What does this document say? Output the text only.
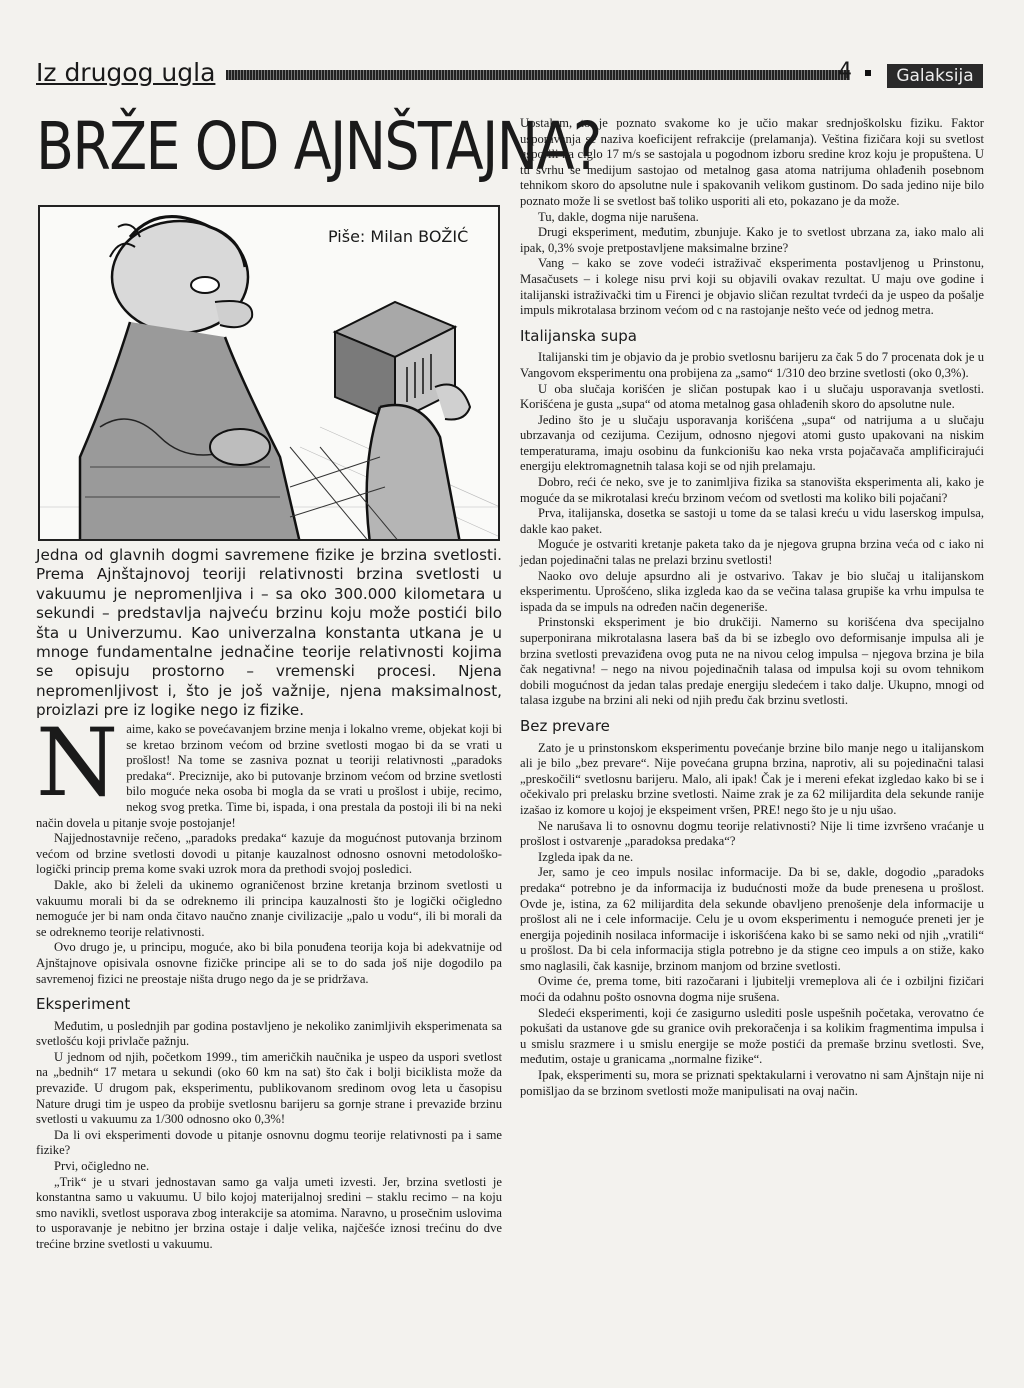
Iz drugog ugla	4	Galaksija
BRŽE OD AJNŠTAJNA?
Piše: Milan BOŽIĆ
Jedna od glavnih dogmi savremene fizike je brzina svetlosti. Prema Ajnštajnovoj teoriji relativnosti brzina svetlosti u vakuumu je nepromenljiva i – sa oko 300.000 kilometara u sekundi – predstavlja najveću brzinu koju može postići bilo šta u Univerzumu. Kao univerzalna konstanta utkana je u mnoge fundamentalne jednačine teorije relativnosti kojima se opisuju prostorno – vremenski procesi. Njena nepromenljivost i, što je još važnije, njena maksimalnost, proizlazi pre iz logike nego iz fizike.
N aime, kako se povećavanjem brzine menja i lokalno vreme, objekat koji bi se kretao brzinom većom od brzine svetlosti mogao bi da se vrati u prošlost! Na tome se zasniva poznat u teoriji relativnosti „paradoks predaka“. Preciznije, ako bi putovanje brzinom većom od brzine svetlosti bilo moguće neka osoba bi mogla da se vrati u prošlost i ubije, recimo, nekog svog pretka. Time bi, ispada, i ona prestala da postoji ili bi na neki način dovela u pitanje svoje postojanje!

Najjednostavnije rečeno, „paradoks predaka“ kazuje da mogućnost putovanja brzinom većom od brzine svetlosti dovodi u pitanje kauzalnost odnosno osnovni metodološko-logički princip prema kome svaki uzrok mora da prethodi svojoj posledici.

Dakle, ako bi želeli da ukinemo ograničenost brzine kretanja brzinom svetlosti u vakuumu morali bi da se odreknemo ili principa kauzalnosti što je logički očigledno nemoguće jer bi nam onda čitavo naučno znanje civilizacije „palo u vodu“, ili bi morali da se odreknemo teorije relativnosti.

Ovo drugo je, u principu, moguće, ako bi bila ponuđena teorija koja bi adekvatnije od Ajnštajnove opisivala osnovne fizičke principe ali se to do sada još nije dogodilo pa savremenoj fizici ne preostaje ništa drugo nego da je se pridržava.

Eksperiment

Međutim, u poslednjih par godina postavljeno je nekoliko zanimljivih eksperimenata sa svetlošću koji privlače pažnju.

U jednom od njih, početkom 1999., tim američkih naučnika je uspeo da uspori svetlost na „bednih“ 17 metara u sekundi (oko 60 km na sat) što čak i bolji biciklista može da prevaziđe. U drugom pak, eksperimentu, publikovanom sredinom ovog leta u časopisu Nature drugi tim je uspeo da probije svetlosnu barijeru sa gornje strane i prevaziđe brzinu svetlosti u vakuumu za 1/300 odnosno oko 0,3%!

Da li ovi eksperimenti dovode u pitanje osnovnu dogmu teorije relativnosti pa i same fizike?

Prvi, očigledno ne.

„Trik“ je u stvari jednostavan samo ga valja umeti izvesti. Jer, brzina svetlosti je konstantna samo u vakuumu. U bilo kojoj materijalnoj sredini – staklu recimo – na koju smo navikli, svetlost usporava zbog interakcije sa atomima. Naravno, u prosečnim uslovima to usporavanje je nebitno jer brzina ostaje i dalje velika, najčešće iznosi trećinu do dve trećine brzine svetlosti u vakuumu.

Uostalom, to je poznato svakome ko je učio makar srednjoškolsku fiziku. Faktor usporavanja se naziva koeficijent refrakcije (prelamanja). Veština fizičara koji su svetlost usporili na ciglo 17 m/s se sastojala u pogodnom izboru sredine kroz koju je propuštena. U tu svrhu se medijum sastojao od metalnog gasa atoma natrijuma ohlađenih posebnom tehnikom skoro do apsolutne nule i spakovanih velikom gustinom. Do sada jedino nije bilo poznato može li se svetlost baš toliko usporiti ali eto, pokazano je da može.

Tu, dakle, dogma nije narušena.

Drugi eksperiment, međutim, zbunjuje. Kako je to svetlost ubrzana za, iako malo ali ipak, 0,3% svoje pretpostavljene maksimalne brzine?

Vang – kako se zove vodeći istraživač eksperimenta postavljenog u Prinstonu, Masačusets – i kolege nisu prvi koji su objavili ovakav rezultat. U maju ove godine i italijanski istraživački tim u Firenci je objavio sličan rezultat tvrdeći da je uspeo da pošalje impuls mikrotalasa brzinom većom od c na rastojanje nešto veće od jednog metra.

Italijanska supa

Italijanski tim je objavio da je probio svetlosnu barijeru za čak 5 do 7 procenata dok je u Vangovom eksperimentu ona probijena za „samo“ 1/310 deo brzine svetlosti (oko 0,3%).

U oba slučaja korišćen je sličan postupak kao i u slučaju usporavanja svetlosti. Korišćena je gusta „supa“ od atoma metalnog gasa ohlađenih skoro do apsolutne nule.

Jedino što je u slučaju usporavanja korišćena „supa“ od natrijuma a u slučaju ubrzavanja od cezijuma. Cezijum, odnosno njegovi atomi gusto upakovani na niskim temperaturama, imaju osobinu da funkcionišu kao neka vrsta pojačavača amplificirajući energiju elektromagnetnih talasa koji se od njih prelamaju.

Dobro, reći će neko, sve je to zanimljiva fizika sa stanovišta eksperimenta ali, kako je moguće da se mikrotalasi kreću brzinom većom od svetlosti ma koliko bili pojačani?

Prva, italijanska, dosetka se sastoji u tome da se talasi kreću u vidu laserskog impulsa, dakle kao paket.

Moguće je ostvariti kretanje paketa tako da je njegova grupna brzina veća od c iako ni jedan pojedinačni talas ne prelazi brzinu svetlosti!

Naoko ovo deluje apsurdno ali je ostvarivo. Takav je bio slučaj u italijanskom eksperimentu. Uprošćeno, slika izgleda kao da se večina talasa grupiše ka vrhu impulsa te ispada da se impuls na određen način degeneriše.

Prinstonski eksperiment je bio drukčiji. Namerno su korišćena dva specijalno superponirana mikrotalasna lasera baš da bi se izbeglo ovo deformisanje impulsa ali je brzina svetlosti prevaziđena ovog puta ne na nivou celog impulsa – njegova brzina je bila čak negativna! – nego na nivou pojedinačnih talasa od impulsa koji su ovom tehnikom dobili mogućnost da jedan talas predaje energiju sledećem i tako dalje. Ukupno, mnogi od talasa izgube na brzini ali neki od njih pređu čak brzinu svetlosti.

Bez prevare

Zato je u prinstonskom eksperimentu povećanje brzine bilo manje nego u italijanskom ali je bilo „bez prevare“. Nije povećana grupna brzina, naprotiv, ali su pojedinačni talasi „preskočili“ svetlosnu barijeru. Malo, ali ipak! Čak je i mereni efekat izgledao kako bi se i očekivalo pri prelasku brzine svetlosti. Naime zrak je za 62 milijardita dela sekunde ranije izašao iz komore u kojoj je ekspeiment vršen, PRE! nego što je u nju ušao.

Ne narušava li to osnovnu dogmu teorije relativnosti? Nije li time izvršeno vraćanje u prošlost i ostvarenje „paradoksa predaka“?

Izgleda ipak da ne.

Jer, samo je ceo impuls nosilac informacije. Da bi se, dakle, dogodio „paradoks predaka“ potrebno je da informacija iz budućnosti može da bude prenesena u prošlost. Ovde je, istina, za 62 milijardita dela sekunde obavljeno prenošenje dela informacije u prošlost ali ne i cele informacije. Celu je u ovom eksperimentu i nemoguće preneti jer je energija pojedinih nosilaca informacije i iskorišćena kako bi se samo neki od njih „vratili“ u prošlost. Da bi cela informacija stigla potrebno je da stigne ceo impuls a on stiže, kako smo naglasili, čak kasnije, brzinom manjom od brzine svetlosti.

Ovime će, prema tome, biti razočarani i ljubitelji vremeplova ali će i ozbiljni fizičari moći da odahnu pošto osnovna dogma nije srušena.

Sledeći eksperimenti, koji će zasigurno uslediti posle uspešnih početaka, verovatno će pokušati da ustanove gde su granice ovih prekoračenja i sa kolikim fragmentima impulsa i u smislu srazmere i u smislu energije se može postići da premaše brzinu svetlosti. Sve, međutim, ostaje u granicama „normalne fizike“.

Ipak, eksperimenti su, mora se priznati spektakularni i verovatno ni sam Ajnštajn nije ni pomišljao da se brzinom svetlosti može manipulisati na ovaj način.
